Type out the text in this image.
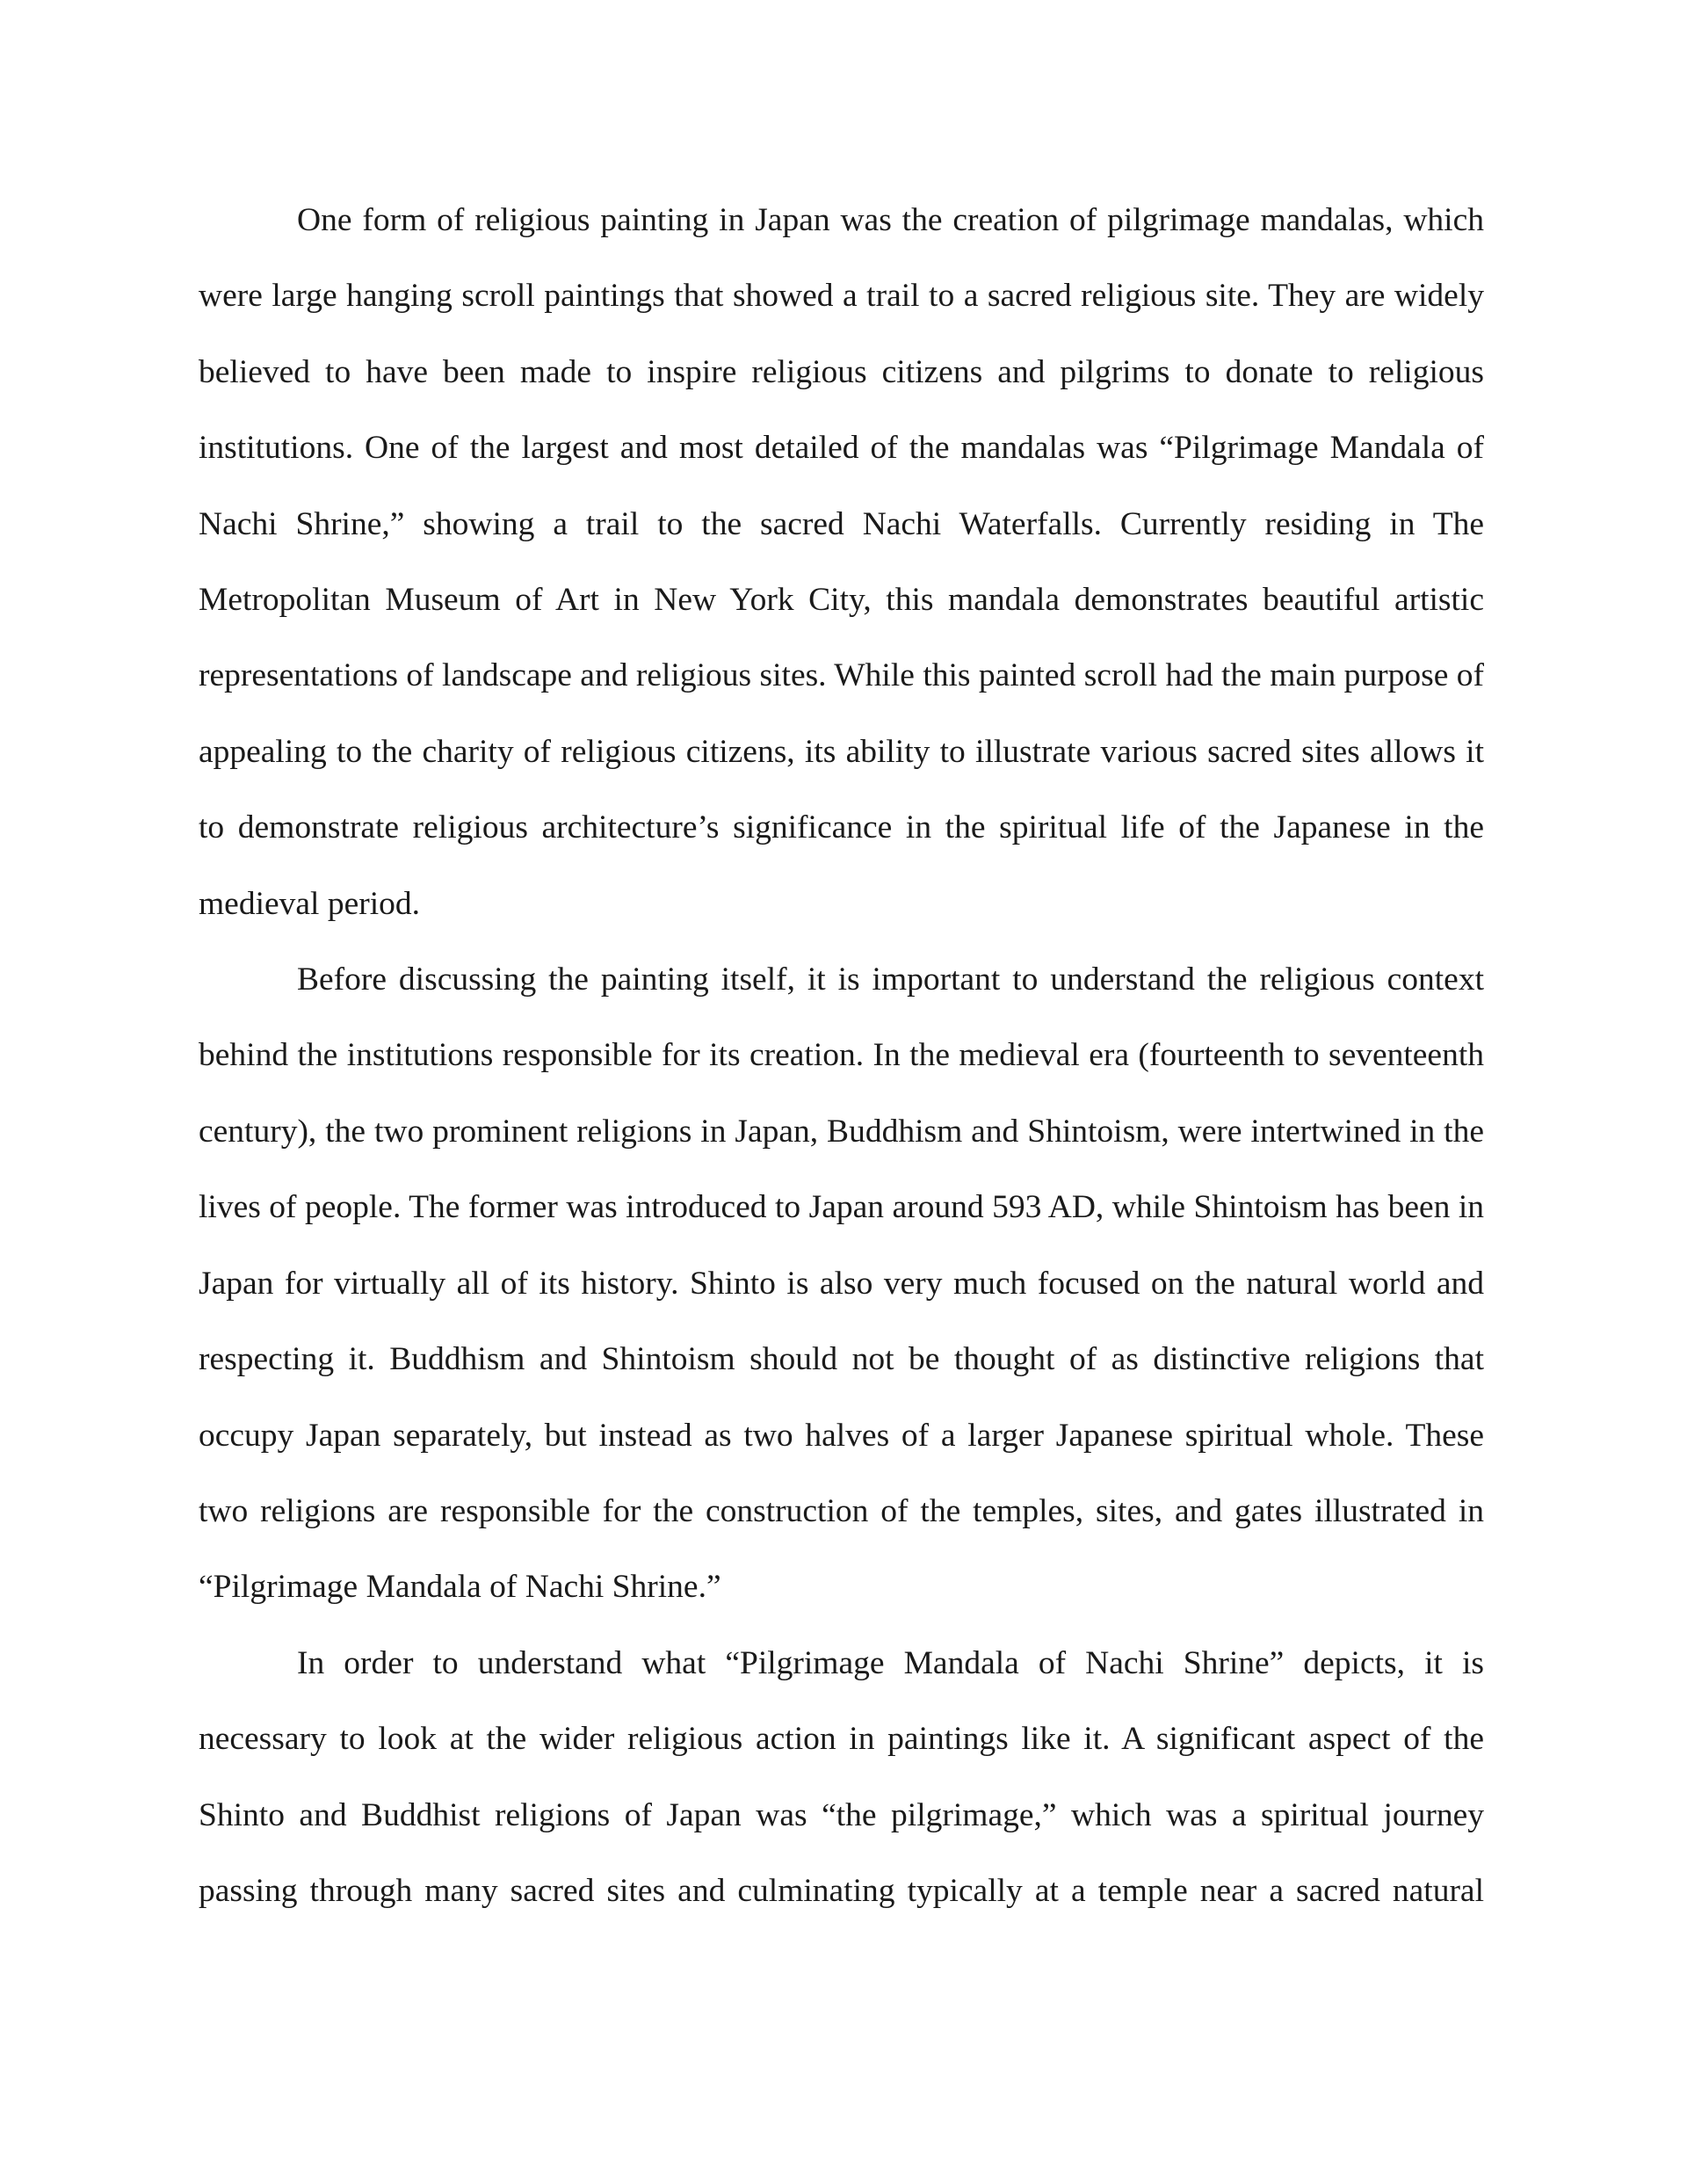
One form of religious painting in Japan was the creation of pilgrimage mandalas, which were large hanging scroll paintings that showed a trail to a sacred religious site. They are widely believed to have been made to inspire religious citizens and pilgrims to donate to religious institutions. One of the largest and most detailed of the mandalas was “Pilgrimage Mandala of Nachi Shrine,” showing a trail to the sacred Nachi Waterfalls. Currently residing in The Metropolitan Museum of Art in New York City, this mandala demonstrates beautiful artistic representations of landscape and religious sites. While this painted scroll had the main purpose of appealing to the charity of religious citizens, its ability to illustrate various sacred sites allows it to demonstrate religious architecture’s significance in the spiritual life of the Japanese in the medieval period.

Before discussing the painting itself, it is important to understand the religious context behind the institutions responsible for its creation. In the medieval era (fourteenth to seventeenth century), the two prominent religions in Japan, Buddhism and Shintoism, were intertwined in the lives of people. The former was introduced to Japan around 593 AD, while Shintoism has been in Japan for virtually all of its history. Shinto is also very much focused on the natural world and respecting it. Buddhism and Shintoism should not be thought of as distinctive religions that occupy Japan separately, but instead as two halves of a larger Japanese spiritual whole. These two religions are responsible for the construction of the temples, sites, and gates illustrated in “Pilgrimage Mandala of Nachi Shrine.”

In order to understand what “Pilgrimage Mandala of Nachi Shrine” depicts, it is necessary to look at the wider religious action in paintings like it. A significant aspect of the Shinto and Buddhist religions of Japan was “the pilgrimage,” which was a spiritual journey passing through many sacred sites and culminating typically at a temple near a sacred natural
